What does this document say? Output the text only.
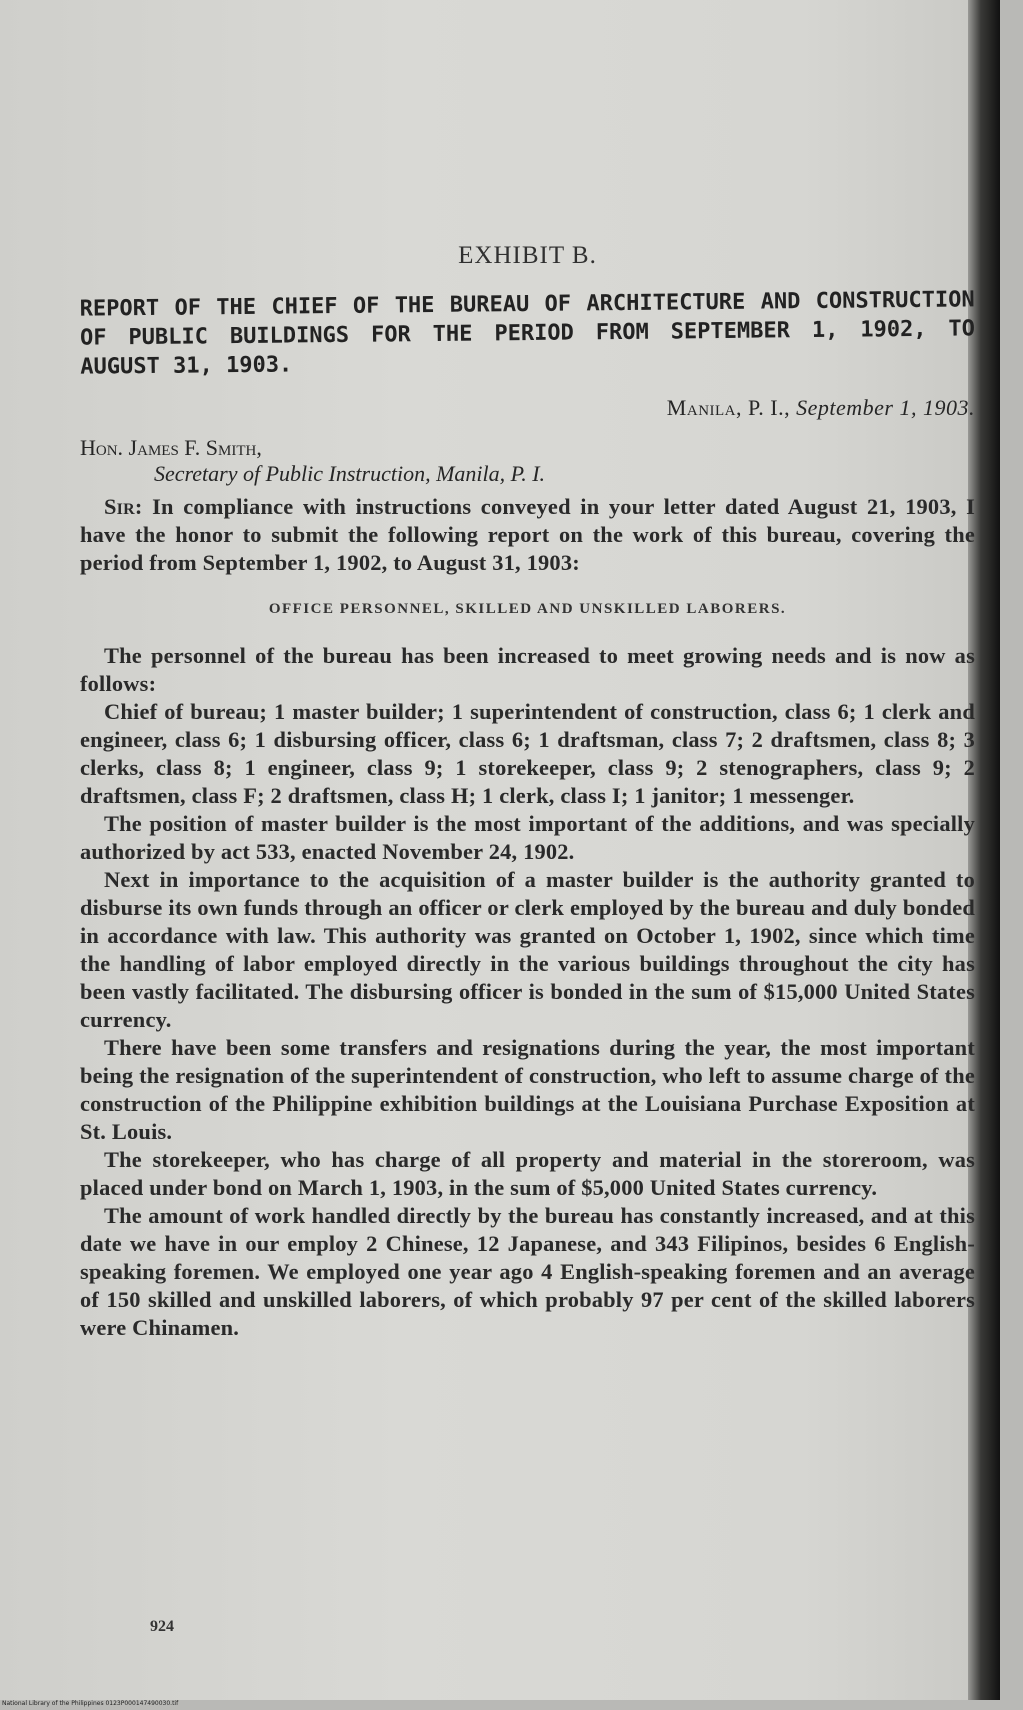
EXHIBIT B.
REPORT OF THE CHIEF OF THE BUREAU OF ARCHITECTURE AND CONSTRUCTION OF PUBLIC BUILDINGS FOR THE PERIOD FROM SEPTEMBER 1, 1902, TO AUGUST 31, 1903.
Manila, P. I., September 1, 1903.
Hon. James F. Smith,
Secretary of Public Instruction, Manila, P. I.

Sir: In compliance with instructions conveyed in your letter dated August 21, 1903, I have the honor to submit the following report on the work of this bureau, covering the period from September 1, 1902, to August 31, 1903:

OFFICE PERSONNEL, SKILLED AND UNSKILLED LABORERS.

The personnel of the bureau has been increased to meet growing needs and is now as follows:

Chief of bureau; 1 master builder; 1 superintendent of construction, class 6; 1 clerk and engineer, class 6; 1 disbursing officer, class 6; 1 draftsman, class 7; 2 draftsmen, class 8; 3 clerks, class 8; 1 engineer, class 9; 1 storekeeper, class 9; 2 stenographers, class 9; 2 draftsmen, class F; 2 draftsmen, class H; 1 clerk, class I; 1 janitor; 1 messenger.

The position of master builder is the most important of the additions, and was specially authorized by act 533, enacted November 24, 1902.

Next in importance to the acquisition of a master builder is the authority granted to disburse its own funds through an officer or clerk employed by the bureau and duly bonded in accordance with law. This authority was granted on October 1, 1902, since which time the handling of labor employed directly in the various buildings throughout the city has been vastly facilitated. The disbursing officer is bonded in the sum of $15,000 United States currency.

There have been some transfers and resignations during the year, the most important being the resignation of the superintendent of construction, who left to assume charge of the construction of the Philippine exhibition buildings at the Louisiana Purchase Exposition at St. Louis.

The storekeeper, who has charge of all property and material in the storeroom, was placed under bond on March 1, 1903, in the sum of $5,000 United States currency.

The amount of work handled directly by the bureau has constantly increased, and at this date we have in our employ 2 Chinese, 12 Japanese, and 343 Filipinos, besides 6 English-speaking foremen. We employed one year ago 4 English-speaking foremen and an average of 150 skilled and unskilled laborers, of which probably 97 per cent of the skilled laborers were Chinamen.

924
National Library of the Philippines 0123P000147490030.tif
